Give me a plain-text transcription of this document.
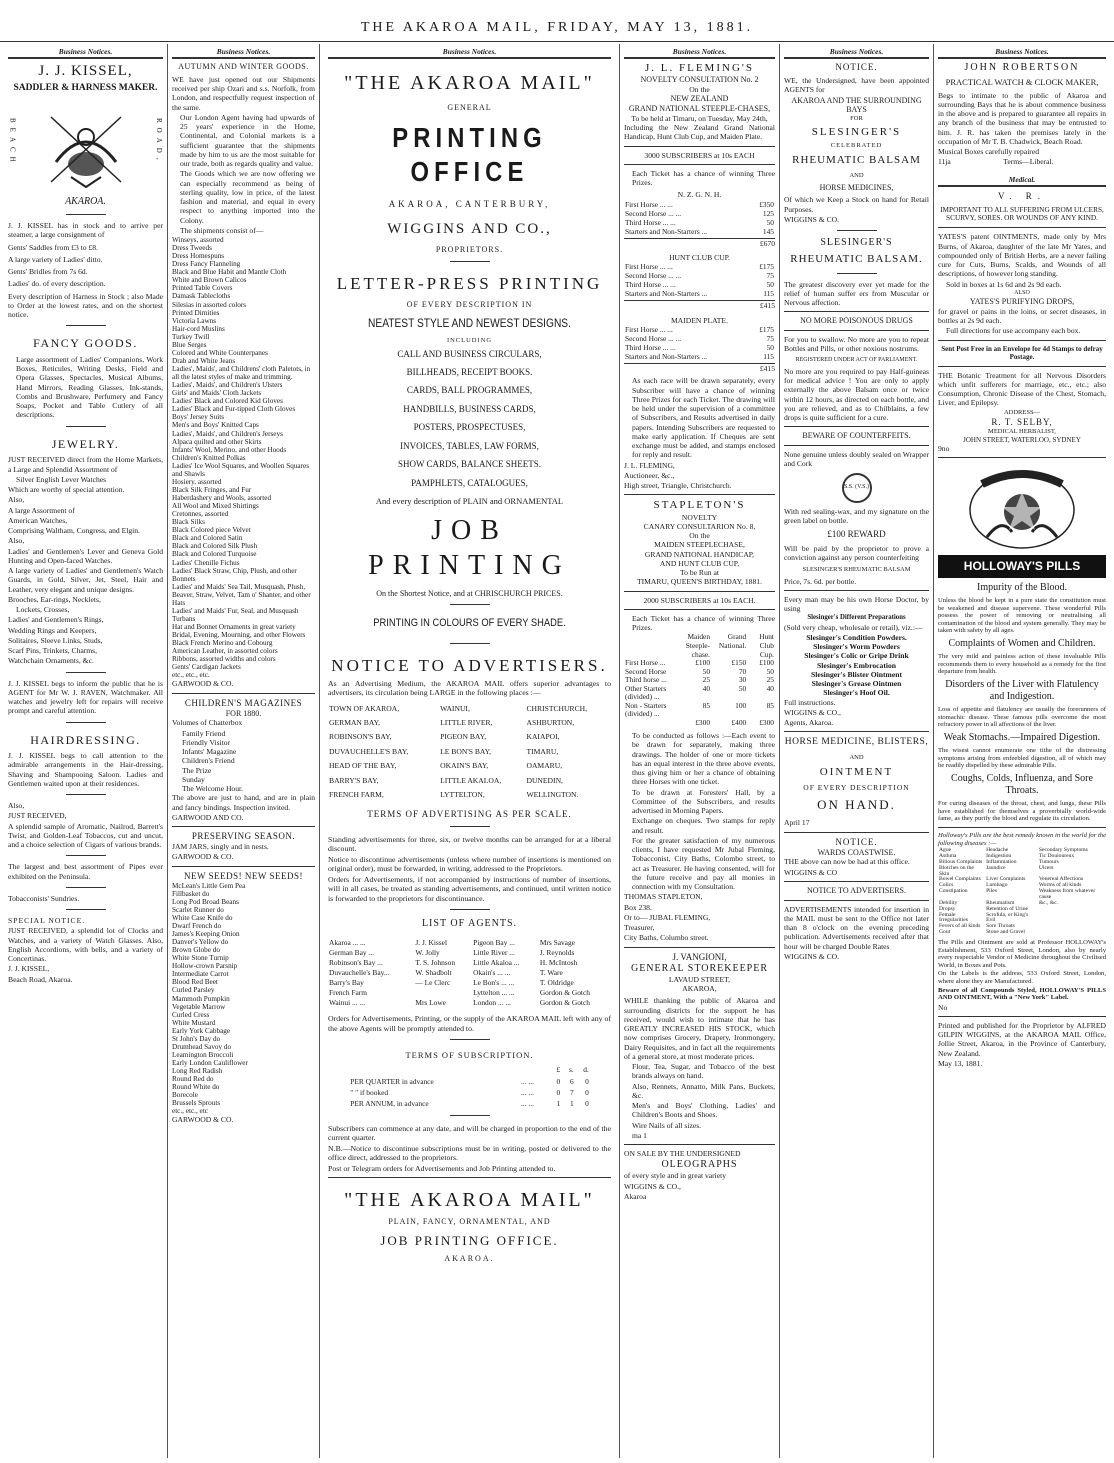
THE AKAROA MAIL, FRIDAY, MAY 13, 1881.
Business Notices.
J. J. KISSEL,
SADDLER & HARNESS MAKER.
BEACH	ROAD,
AKAROA.

J. J. KISSEL has in stock and to arrive per steamer, a large consignment of

Gents' Saddles from £3 to £8.

A large variety of Ladies' ditto.

Gents' Bridles from 7s 6d.

Ladies' do. of every description.

Every description of Harness in Stock ; also Made to Order at the lowest rates, and on the shortest notice.

FANCY GOODS.

Large assortment of Ladies' Companions, Work Boxes, Reticules, Writing Desks, Field and Opera Glasses, Spectacles, Musical Albums, Hand Mirrors, Reading Glasses, Ink-stands, Combs and Brushware, Perfumery and Fancy Soaps, Pocket and Table Cutlery of all descriptions.

JEWELRY.

JUST RECEIVED direct from the Home Markets, a Large and Splendid Assortment of

Silver English Lever Watches

Which are worthy of special attention.

Also,

A large Assortment of

American Watches,

Comprising Waltham, Congress, and Elgin.

Also,

Ladies' and Gentlemen's Lever and Geneva Gold Hunting and Open-faced Watches.

A large variety of Ladies' and Gentlemen's Watch Guards, in Gold, Silver, Jet, Steel, Hair and Leather, very elegant and unique designs.

Brooches, Ear-rings, Necklets,

Lockets, Crosses,

Ladies' and Gentlemen's Rings,

Wedding Rings and Keepers,

Solitaires, Sleeve Links, Studs,

Scarf Pins, Trinkets, Charms,

Watchchain Ornaments, &c.

J. J. KISSEL begs to inform the public that he is AGENT for Mr W. J. RAVEN, Watchmaker. All watches and jewelry left for repairs will receive prompt and careful attention.

HAIRDRESSING.

J. J. KISSEL begs to call attention to the admirable arrangements in the Hair-dressing, Shaving and Shampooing Saloon. Ladies and Gentlemen waited upon at their residences.

Also,

JUST RECEIVED,

A splendid sample of Aromatic, Nailrod, Barrett's Twist, and Golden-Leaf Tobaccos, cut and uncut, and a choice selection of Cigars of various brands.

The largest and best assortment of Pipes ever exhibited on the Peninsula.

Tobacconists' Sundries.

SPECIAL NOTICE.

JUST RECEIVED, a splendid lot of Clocks and Watches, and a variety of Watch Glasses. Also, English Accordions, with bells, and a variety of Concertinas.

J. J. KISSEL,

Beach Road, Akaroa.

Business Notices.
AUTUMN AND WINTER GOODS.

WE have just opened out our Shipments received per ship Ozari and s.s. Norfolk, from London, and respectfully request inspection of the same.

Our London Agent having had upwards of 25 years' experience in the Home, Continental, and Colonial markets is a sufficient guarantee that the shipments made by him to us are the most suitable for our trade, both as regards quality and value.

The Goods which we are now offering we can especially recommend as being of sterling quality, low in price, of the latest fashion and material, and equal in every respect to anything imported into the Colony.

The shipments consist of—

Winseys, assorted
Dress Tweeds
Dress Homespuns
Dress Fancy Flanneling
Black and Blue Habit and Mantle Cloth
White and Brown Calicos
Printed Table Covers
Damask Tablecloths
Silesias in assorted colors
Printed Dimities
Victoria Lawns
Hair-cord Muslins
Turkey Twill
Blue Serges
Colored and White Counterpanes
Drab and White Jeans
Ladies', Maids', and Childrens' cloth Paletots, in all the latest styles of make and trimming.
Ladies', Maids', and Children's Ulsters
Girls' and Maids' Cloth Jackets
Ladies' Black and Colored Kid Gloves
Ladies' Black and Fur-tipped Cloth Gloves
Boys' Jersey Suits
Men's and Boys' Knitted Caps
Ladies', Maids', and Children's Jerseys
Alpaca quilted and other Skirts
Infants' Wool, Merino, and other Hoods
Children's Knitted Polkas
Ladies' Ice Wool Squares, and Woollen Squares and Shawls
Hosiery, assorted
Black Silk Fringes, and Fur
Haberdashery and Wools, assorted
All Wool and Mixed Shirtings
Cretonnes, assorted
Black Silks
Black Colored piece Velvet
Black and Colored Satin
Black and Colored Silk Plush
Black and Colored Turquoise
Ladies' Chenille Fichus
Ladies' Black Straw, Chip, Plush, and other Bonnets
Ladies' and Maids' Sea Tail, Musquash, Plush, Beaver, Straw, Velvet, Tam o' Shanter, and other Hats
Ladies' and Maids' Fur, Seal, and Musquash Turbans
Hat and Bonnet Ornaments in great variety
Bridal, Evening, Mourning, and other Flowers
Black French Merino and Cobourg
American Leather, in assorted colors
Ribbons, assorted widths and colors
Gents' Cardigan Jackets
etc., etc., etc.

GARWOOD & CO.

CHILDREN'S MAGAZINES
FOR 1880.

Volumes of Chatterbox

Family Friend
Friendly Visitor
Infants' Magazine
Children's Friend
The Prize
Sunday
The Welcome Hour.

The above are just to hand, and are in plain and fancy bindings. Inspection invited.

GARWOOD AND CO.

PRESERVING SEASON.

JAM JARS, singly and in nests.

GARWOOD & CO.

NEW SEEDS! NEW SEEDS!
McLean's Little Gem Pea
Fillbasket do
Long Pod Broad Beans
Scarlet Runner do
White Case Knife do
Dwarf French do
James's Keeping Onion
Danver's Yellow do
Brown Globe do
White Stone Turnip
Hollow-crown Parsnip
Intermediate Carrot
Blood Red Beet
Curled Parsley
Mammoth Pumpkin
Vegetable Marrow
Curled Cress
White Mustard
Early York Cabbage
St John's Day do
Drumhead Savoy do
Leamington Broccoli
Early London Cauliflower
Long Red Radish
Round Red do
Round White do
Borecole
Brussels Sprouts
etc., etc., etc

GARWOOD & CO.

Business Notices.
"THE AKAROA MAIL"
GENERAL
PRINTING OFFICE
AKAROA, CANTERBURY,
WIGGINS AND CO.,
PROPRIETORS.
LETTER-PRESS PRINTING
OF EVERY DESCRIPTION IN
NEATEST STYLE AND NEWEST DESIGNS.
INCLUDING
CALL AND BUSINESS CIRCULARS,
BILLHEADS, RECEIPT BOOKS.
CARDS, BALL PROGRAMMES,
HANDBILLS, BUSINESS CARDS,
POSTERS, PROSPECTUSES,
INVOICES, TABLES, LAW FORMS,
SHOW CARDS, BALANCE SHEETS.
PAMPHLETS, CATALOGUES,
And every description of PLAIN and ORNAMENTAL
JOB PRINTING
On the Shortest Notice, and at CHRISCHURCH PRICES.
PRINTING IN COLOURS OF EVERY SHADE.
NOTICE TO ADVERTISERS.

As an Advertising Medium, the AKAROA MAIL offers superior advantages to advertisers, its circulation being LARGE in the following places :—

TOWN OF AKAROA,	WAINUI,	CHRISTCHURCH,
GERMAN BAY,	LITTLE RIVER,	ASHBURTON,
ROBINSON'S BAY,	PIGEON BAY,	KAIAPOI,
DUVAUCHELLE'S BAY,	LE BON'S BAY,	TIMARU,
HEAD OF THE BAY,	OKAIN'S BAY,	OAMARU,
BARRY'S BAY,	LITTLE AKALOA,	DUNEDIN,
FRENCH FARM,	LYTTELTON,	WELLINGTON.
TERMS OF ADVERTISING AS PER SCALE.

Standing advertisements for three, six, or twelve months can be arranged for at a liberal discount.

Notice to discontinue advertisements (unless where number of insertions is mentioned on original order), must be forwarded, in writing, addressed to the Proprietors.

Orders for Advertisements, if not accompanied by instructions of number of insertions, will in all cases, be treated as standing advertisements, and continued, until written notice is forwarded to the proprietors for discontinuance.

LIST OF AGENTS.
Akaroa ... ...	J. J. Kissel	Pigeon Bay ...	Mrs Savage
German Bay ...	W. Jolly	Little River ...	J. Reynolds
Robinson's Bay ...	T. S. Johnson	Little Akaloa ...	H. McIntosh
Duvauchelle's Bay...	W. Shadbolt	Okain's ... ...	T. Ware
Barry's Bay	— Le Clerc	Le Bon's ... ...	T. Oldridge
French Farm		Lyttelton ... ...	Gordon & Gotch
Wainui ... ...	Mrs Lowe	London ... ...	Gordon & Gotch

Orders for Advertisements, Printing, or the supply of the AKAROA MAIL left with any of the above Agents will be promptly attended to.

TERMS OF SUBSCRIPTION.
		£	s.	d.
PER QUARTER in advance	... ...	0	6	0
" " if booked	... ...	0	7	0
PER ANNUM, in advance	... ...	1	1	0

Subscribers can commence at any date, and will be charged in proportion to the end of the current quarter.

N.B.—Notice to discontinue subscriptions must be in writing, posted or delivered to the office direct, addressed to the proprietors.

Post or Telegram orders for Advertisements and Job Printing attended to.

"THE AKAROA MAIL"
PLAIN, FANCY, ORNAMENTAL, AND
JOB PRINTING OFFICE.
AKAROA.
Business Notices.
J. L. FLEMING'S
NOVELTY CONSULTATION No. 2
On the
NEW ZEALAND
GRAND NATIONAL STEEPLE-CHASES,
To be held at Timaru, on Tuesday, May 24th,

Including the New Zealand Grand National Handicap, Hunt Club Cup, and Maiden Plate.

3000 SUBSCRIBERS at 10s EACH

Each Ticket has a chance of winning Three Prizes.

N. Z. G. N. H.
First Horse ... ...	£350
Second Horse ... ...	125
Third Horse ... ...	50
Starters and Non-Starters ...	145
£670
HUNT CLUB CUP.
First Horse ... ...	£175
Second Horse ... ...	75
Third Horse ... ...	50
Starters and Non-Starters ...	115
£415
MAIDEN PLATE.
First Horse ... ...	£175
Second Horse ... ...	75
Third Horse ... ...	50
Starters and Non-Starters ...	115
£415

As each race will be drawn separately, every Subscriber will have a chance of winning Three Prizes for each Ticket. The drawing will be held under the supervision of a committee of Subscribers, and Results advertised in daily papers. Intending Subscribers are requested to make early application. If Cheques are sent exchange must be added, and stamps enclosed for reply and result.

J. L. FLEMING,

Auctioneer, &c.,

High street, Triangle, Christchurch.

STAPLETON'S
NOVELTY
CANARY CONSULTARION No. 8,
On the
MAIDEN STEEPLECHASE,
GRAND NATIONAL HANDICAP,
AND HUNT CLUB CUP,
To be Run at
TIMARU, QUEEN'S BIRTHDAY, 1881.
2000 SUBSCRIBERS at 10s EACH.

Each Ticket has a chance of winning Three Prizes.

	Maiden Steeple-chase.	Grand National.	Hunt Club Cup.
First Horse ...	£100	£150	£100
Second Horse	50	70	50
Third horse ...	25	30	25
Other Starters (divided) ...	40	50	40
Non - Starters (divided) ...	85	100	85
	£300	£400	£300

To be conducted as follows :—Each event to be drawn for separately, making three drawings. The holder of one or more tickets has an equal interest in the three above events, thus giving him or her a chance of obtaining three Horses with one ticket.

To be drawn at Foresters' Hall, by a Committee of the Subscribers, and results advertised in Morning Papers.

Exchange on cheques. Two stamps for reply and result.

For the greater satisfaction of my numerous clients, I have requested Mr Jubal Fleming, Tobacconist, City Baths, Colombo street, to act as Treasurer. He having consented, will for the future receive and pay all monies in connection with my Consultation.

THOMAS STAPLETON,

Box 238.

Or to— JUBAL FLEMING,

Treasurer,

City Baths, Columbo street.

J. VANGIONI,
GENERAL STOREKEEPER
LAVAUD STREET,
AKAROA,

WHILE thanking the public of Akaroa and surrounding districts for the support he has received, would wish to intimate that he has GREATLY INCREASED HIS STOCK, which now comprises Grocery, Drapery, Ironmongery, Dairy Requisites, and in fact all the requirements of a general store, at most moderate prices.

Flour, Tea, Sugar, and Tobacco of the best brands always on hand.

Also, Rennets, Annatto, Milk Pans, Buckets, &c.

Men's and Boys' Clothing, Ladies' and Children's Boots and Shoes.

Wire Nails of all sizes.

ma 1

ON SALE BY THE UNDERSIGNED

OLEOGRAPHS

of every style and in great variety

WIGGINS & CO.,

Akaroa

Business Notices.
NOTICE.

WE, the Undersigned, have been appointed AGENTS for

AKAROA AND THE SURROUNDING BAYS
FOR
SLESINGER'S
CELEBRATED
RHEUMATIC BALSAM
AND
HORSE MEDICINES,

Of which we Keep a Stock on hand for Retail Purposes.

WIGGINS & CO.

SLESINGER'S
RHEUMATIC BALSAM.

The greatest discovery ever yet made for the relief of human suffer ers from Muscular or Nervous affection.

NO MORE POISONOUS DRUGS

For you to swallow. No more are you to repeat Bottles and Pills, or other noxious nostrums.

REGISTERED UNDER ACT OF PARLIAMENT.

No more are you required to pay Half-guineas for medical advice ! You are only to apply externally the above Balsam once or twice within 12 hours, as directed on each bottle, and you are relieved, and as to Chilblains, a few drops is quite sufficient for a cure.

BEWARE OF COUNTERFEITS.

None genuine unless doubly sealed on Wrapper and Cork

S.S. (V.S.)

With red sealing-wax, and my signature on the green label on bottle.

£100 REWARD

Will be paid by the proprietor to prove a conviction against any person counterfeiting

SLESINGER'S RHEUMATIC BALSAM

Price, 7s. 6d. per bottle.

Every man may be his own Horse Doctor, by using

Slesinger's Different Preparations

(Sold very cheap, wholesale or retail), viz.:—

Slesinger's Condition Powders.
Slesinger's Worm Powders
Slesinger's Colic or Gripe Drink
Slesinger's Embrocation
Slesinger's Blister Ointment
Slesinger's Grease Ointmen
Slesinger's Hoof Oil.

Full instructions.

WIGGINS & CO.,

Agents, Akaroa.

HORSE MEDICINE, BLISTERS,
AND
OINTMENT
OF EVERY DESCRIPTION
ON HAND.

April 17

NOTICE.
WARDS COASTWISE.

THE above can now be had at this office.

WIGGINS & CO

NOTICE TO ADVERTISERS.

ADVERTISEMENTS intended for insertion in the MAIL must be sent to the Office not later than 8 o'clock on the evening preceding publication. Advertisements received after that hour will be charged Double Rates

WIGGINS & CO.

Business Notices.
JOHN ROBERTSON
PRACTICAL WATCH & CLOCK MAKER,

Begs to intimate to the public of Akaroa and surrounding Bays that he is about commence business in the above and is prepared to guarantee all repairs in any branch of the business that may be entrusted to him. J. R. has taken the premises lately in the occupation of Mr T. B. Chadwick, Beach Road.

Musical Boxes carefully repaired

11ja	Terms—Liberal.
Medical.
V. R.
IMPORTANT TO ALL SUFFERING FROM ULCERS, SCURVY, SORES. OR WOUNDS OF ANY KIND.

YATES'S patent OINTMENTS, made only by Mrs Burns, of Akaroa, daughter of the late Mr Yates, and compounded only of British Herbs, are a never failing cure for Cuts, Burns, Scalds, and Wounds of all descriptions, of however long standing.

Sold in boxes at 1s 6d and 2s 9d each.

ALSO
YATES'S PURIFYING DROPS,

for gravel or pains in the loins, or secret diseases, in bottles at 2s 9d each.

Full directions for use accompany each box.

Sent Post Free in an Envelope for 4d Stamps to defray Postage.

THE Botanic Treatment for all Nervous Disorders which unfit sufferers for marriage, etc., etc.; also Consumption, Chronic Disease of the Chest, Stomach, Liver, and Epilepsy.

ADDRESS—
R. T. SELBY,
MEDICAL HERBALIST,
JOHN STREET, WATERLOO, SYDNEY

9no

FRIEND OF ALL
HOLLOWAY'S PILLS
Impurity of the Blood.

Unless the blood be kept in a pure state the constitution must be weakened and disease supervene. These wonderful Pills possess the power of removing or neutralising all contamination of the blood and system generally. They may be taken with safety by all ages.

Complaints of Women and Children.

The very mild and painless action of these invaluable Pills recommends them to every household as a remedy for the first departure from health.

Disorders of the Liver with Flatulency and Indigestion.

Loss of appetite and flatulency are usually the forerunners of stomachic disease. These famous pills overcome the most refractory power in all affections of the liver.

Weak Stomachs.—Impaired Digestion.

The wisest cannot enumerate one tithe of the distressing symptoms arising from enfeebled digestion, all of which may be readily dispelled by these admirable Pills.

Coughs, Colds, Influenza, and Sore Throats.

For curing diseases of the throat, chest, and lungs, these Pills have established for themselves a proverbially world-wide fame, as they purify the blood and regulate its circulation.

Holloway's Pills are the best remedy known in the world for the following diseases :—

Ague	Headache	Secondary Symptoms
Asthma	Indigestion	Tic Douloureux
Bilious Complaints	Inflammation	Tumours
Blotches on the Skin	Jaundice	Ulcers
Bowel Complaints	Liver Complaints	Venereal Affections
Colics	Lumbago	Worms of all kinds
Constipation	Piles	Weakness from whatever cause
Debility	Rheumatism	&c., &c.
Dropsy	Retention of Urine	
Female Irregularities	Scrofula, or King's Evil	
Fevers of all kinds	Sore Throats	
Gout	Stone and Gravel	

The Pills and Ointment are sold at Professor HOLLOWAY's Establishment, 533 Oxford Street, London, also by nearly every respectable Vendor of Medicine throughout the Civilised World, in Boxes and Pots.

On the Labels is the address, 533 Oxford Street, London, where alone they are Manufactured.

Beware of all Compounds Styled, HOLLOWAY'S PILLS AND OINTMENT, With a "New York" Label.

No

Printed and published for the Proprietor by ALFRED GILPIN WIGGINS, at the AKAROA MAIL Office, Jollie Street, Akaroa, in the Province of Canterbury, New Zealand.

May 13, 1881.
